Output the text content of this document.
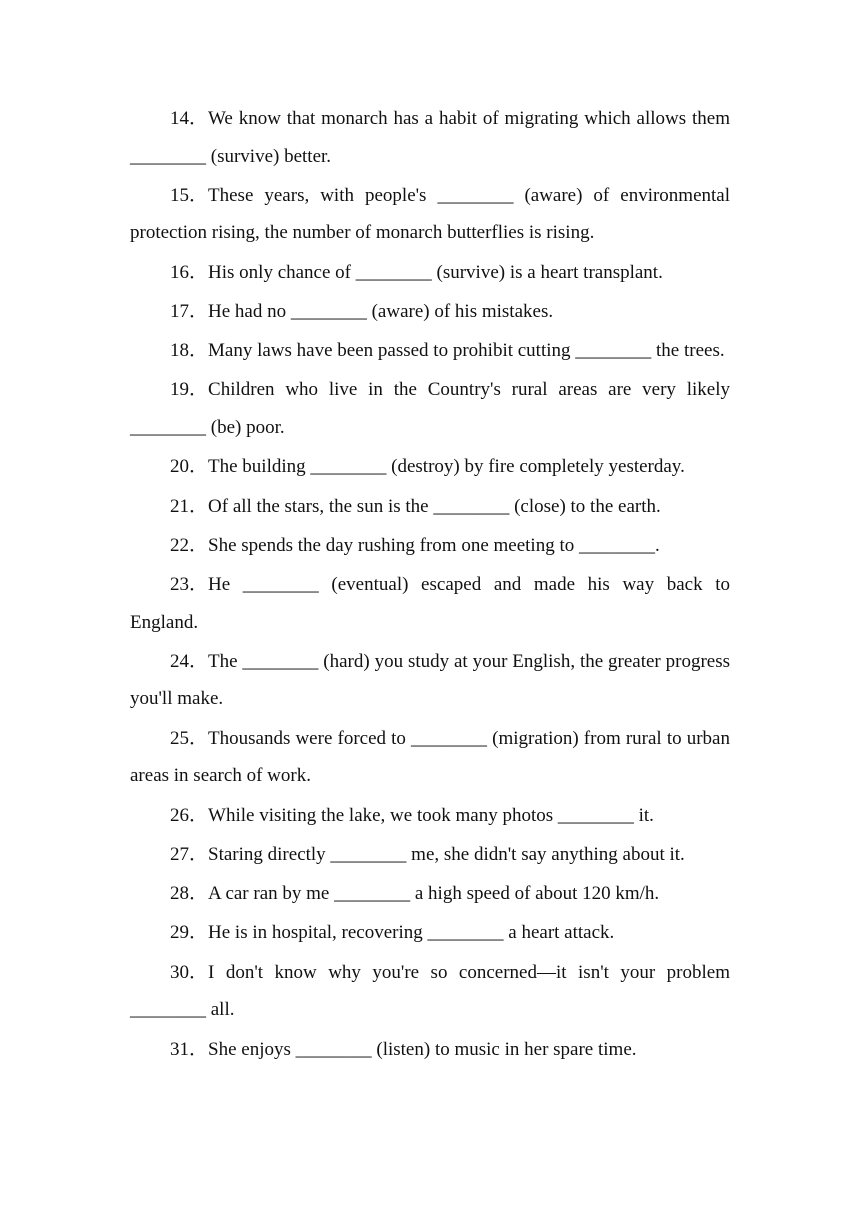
14 ． We know that monarch has a habit of migrating which allows them ________ (survive) better.

15 ． These years, with people's ________ (aware) of environmental protection rising, the number of monarch butterflies is rising.

16 ． His only chance of ________ (survive) is a heart transplant.

17 ． He had no ________ (aware) of his mistakes.

18 ． Many laws have been passed to prohibit cutting ________ the trees.

19 ． Children who live in the Country's rural areas are very likely ________ (be) poor.

20 ． The building ________ (destroy) by fire completely yesterday.

21 ． Of all the stars, the sun is the ________ (close) to the earth.

22 ． She spends the day rushing from one meeting to ________.

23 ． He ________ (eventual) escaped and made his way back to England.

24 ． The ________ (hard) you study at your English, the greater progress you'll make.

25 ． Thousands were forced to ________ (migration) from rural to urban areas in search of work.

26 ． While visiting the lake, we took many photos ________ it.

27 ． Staring directly ________ me, she didn't say anything about it.

28 ． A car ran by me ________ a high speed of about 120 km/h.

29 ． He is in hospital, recovering ________ a heart attack.

30 ． I don't know why you're so concerned—it isn't your problem ________ all.

31 ． She enjoys ________ (listen) to music in her spare time.
